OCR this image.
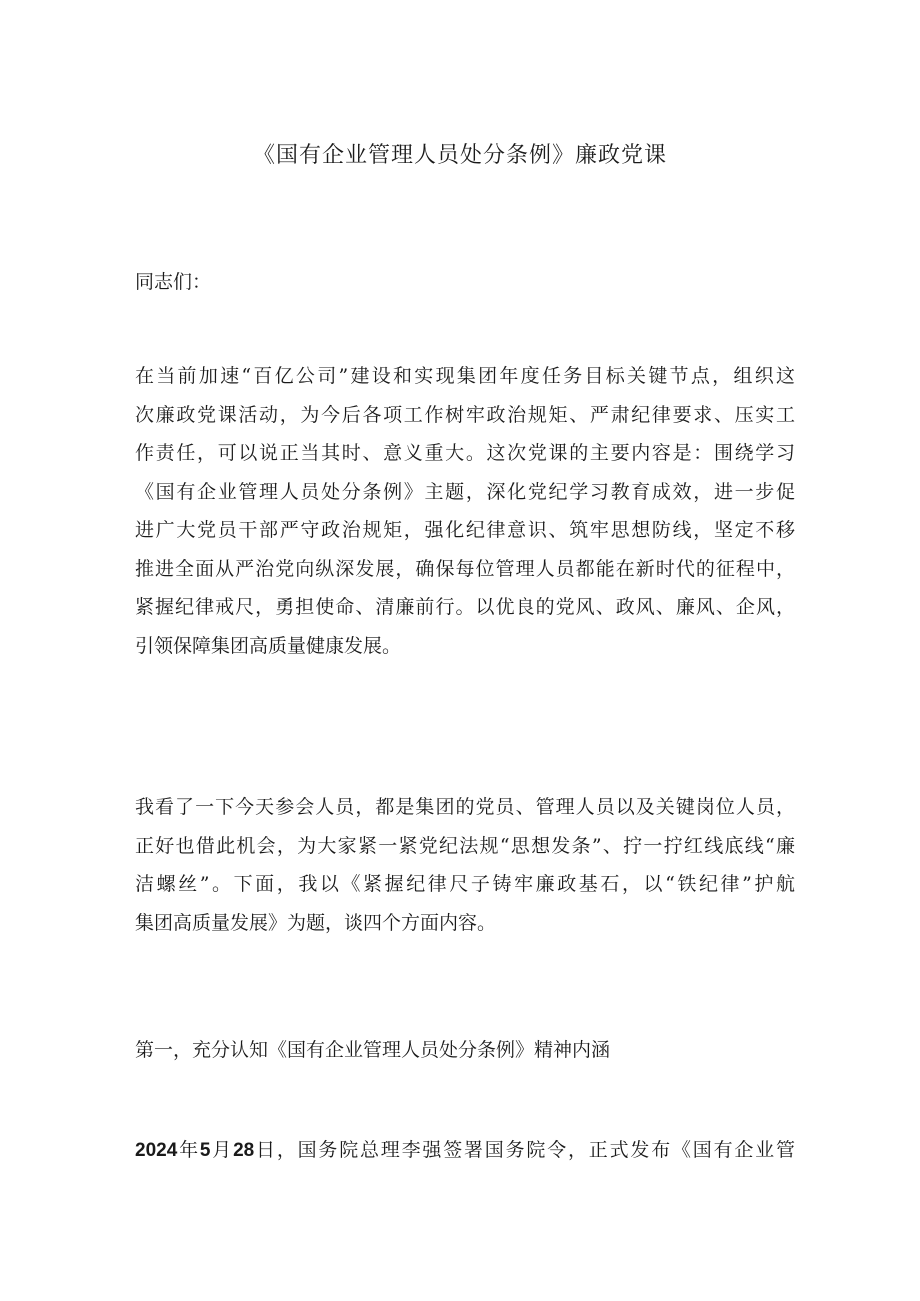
《国有企业管理人员处分条例》廉政党课

同志们：

在当前加速“百亿公司”建设和实现集团年度任务目标关键节点，组织这
次廉政党课活动，为今后各项工作树牢政治规矩、严肃纪律要求、压实工
作责任，可以说正当其时、意义重大。这次党课的主要内容是：围绕学习
《国有企业管理人员处分条例》主题，深化党纪学习教育成效，进一步促
进广大党员干部严守政治规矩，强化纪律意识、筑牢思想防线，坚定不移
推进全面从严治党向纵深发展，确保每位管理人员都能在新时代的征程中，
紧握纪律戒尺，勇担使命、清廉前行。以优良的党风、政风、廉风、企风，
引领保障集团高质量健康发展。

我看了一下今天参会人员，都是集团的党员、管理人员以及关键岗位人员，
正好也借此机会，为大家紧一紧党纪法规“思想发条”、拧一拧红线底线“廉
洁螺丝”。下面，我以《紧握纪律尺子铸牢廉政基石，以“铁纪律”护航
集团高质量发展》为题，谈四个方面内容。

第一，充分认知《国有企业管理人员处分条例》精神内涵

2024年5月28日，国务院总理李强签署国务院令，正式发布《国有企业管
